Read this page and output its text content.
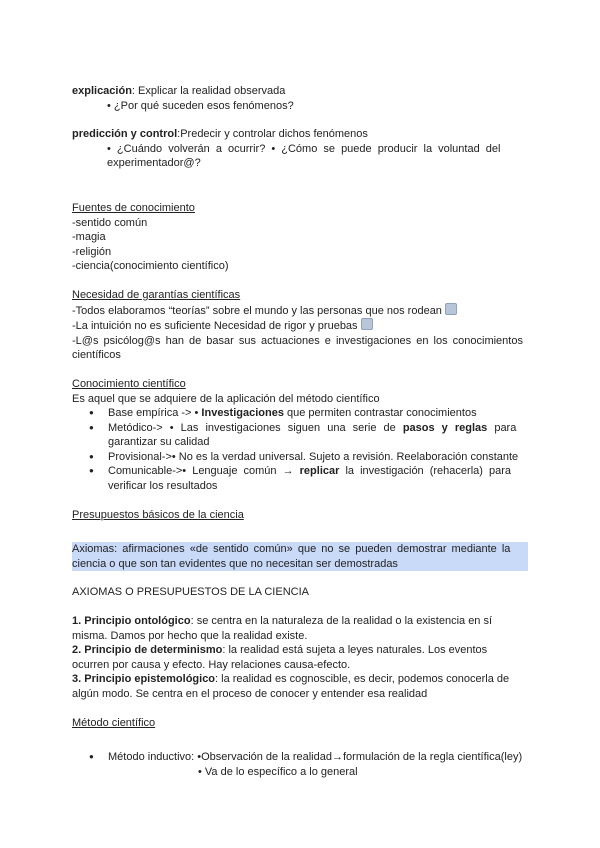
explicación: Explicar la realidad observada
• ¿Por qué suceden esos fenómenos?
predicción y control:Predecir y controlar dichos fenómenos
• ¿Cuándo volverán a ocurrir? • ¿Cómo se puede producir la voluntad del
experimentador@?
Fuentes de conocimiento
-sentido común
-magia
-religión
-ciencia(conocimiento científico)
Necesidad de garantías científicas
-Todos elaboramos “teorías” sobre el mundo y las personas que nos rodean
-La intuición no es suficiente Necesidad de rigor y pruebas
-L@s psicólog@s han de basar sus actuaciones e investigaciones en los conocimientos
científicos
Conocimiento científico
Es aquel que se adquiere de la aplicación del método científico
● Base empírica -> • Investigaciones que permiten contrastar conocimientos
● Metódico-> • Las investigaciones siguen una serie de pasos y reglas para
garantizar su calidad
● Provisional->• No es la verdad universal. Sujeto a revisión. Reelaboración constante
● Comunicable->• Lenguaje común → replicar la investigación (rehacerla) para
verificar los resultados
Presupuestos básicos de la ciencia
Axiomas: afirmaciones «de sentido común» que no se pueden demostrar mediante la
ciencia o que son tan evidentes que no necesitan ser demostradas
AXIOMAS O PRESUPUESTOS DE LA CIENCIA
1. Principio ontológico: se centra en la naturaleza de la realidad o la existencia en sí
misma. Damos por hecho que la realidad existe.
2. Principio de determinismo: la realidad está sujeta a leyes naturales. Los eventos
ocurren por causa y efecto. Hay relaciones causa-efecto.
3. Principio epistemológico: la realidad es cognoscible, es decir, podemos conocerla de
algún modo. Se centra en el proceso de conocer y entender esa realidad
Método científico
● Método inductivo: •Observación de la realidad→formulación de la regla científica(ley)
• Va de lo específico a lo general
